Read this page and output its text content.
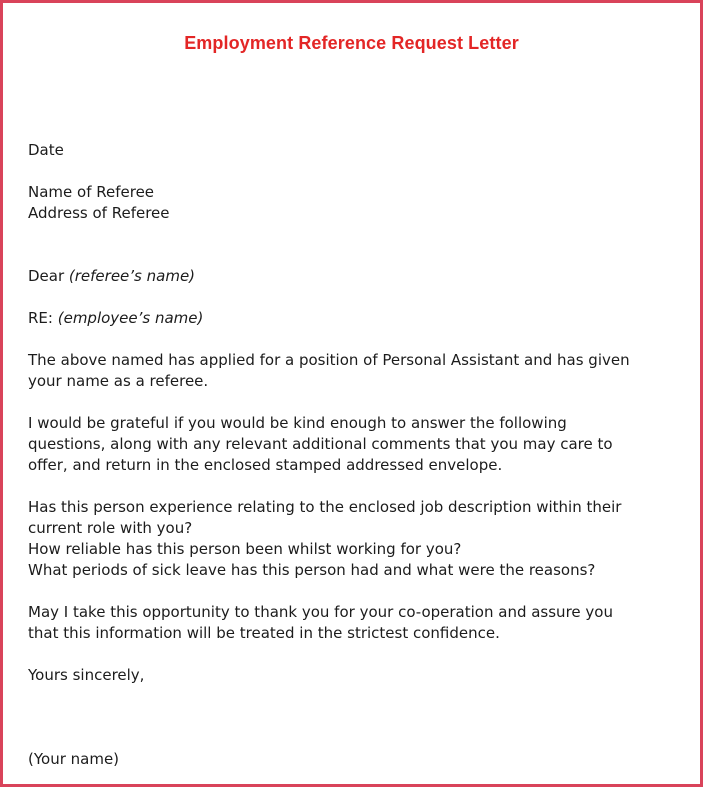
Employment Reference Request Letter

Date

Name of Referee
Address of Referee

Dear (referee’s name)

RE: (employee’s name)

The above named has applied for a position of Personal Assistant and has given
your name as a referee.

I would be grateful if you would be kind enough to answer the following
questions, along with any relevant additional comments that you may care to
offer, and return in the enclosed stamped addressed envelope.

Has this person experience relating to the enclosed job description within their
current role with you?
How reliable has this person been whilst working for you?
What periods of sick leave has this person had and what were the reasons?

May I take this opportunity to thank you for your co-operation and assure you
that this information will be treated in the strictest confidence.

Yours sincerely,

(Your name)
